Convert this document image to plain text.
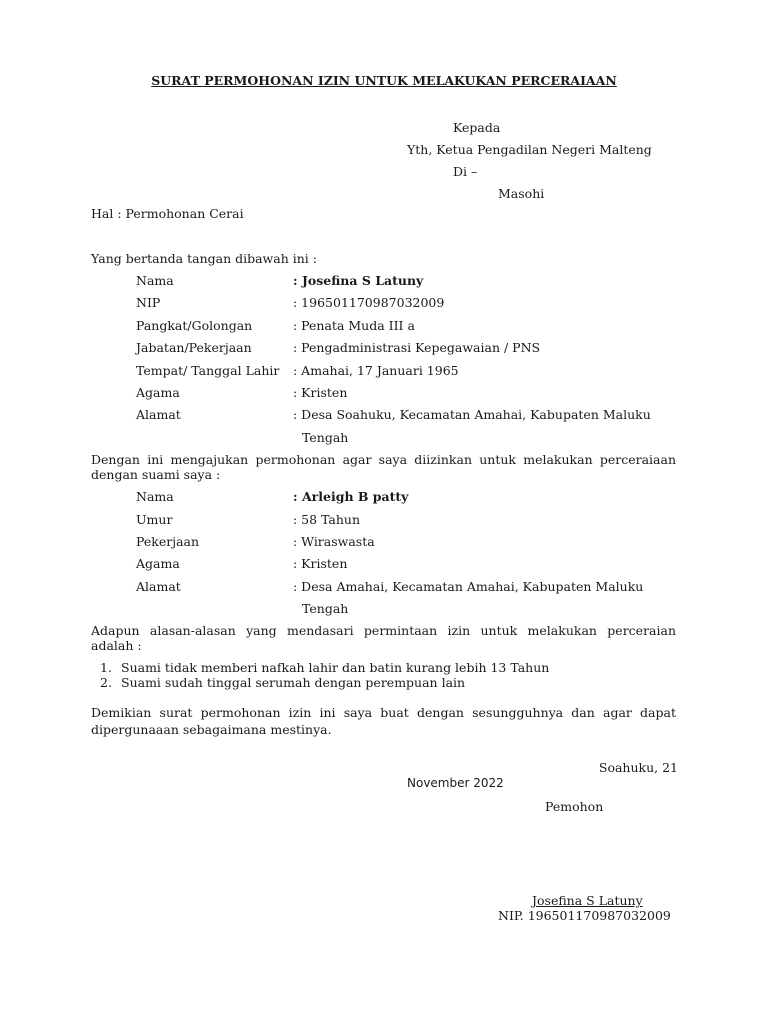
SURAT PERMOHONAN IZIN UNTUK MELAKUKAN PERCERAIAAN
Kepada
Yth, Ketua Pengadilan Negeri Malteng
Di –
Masohi
Hal : Permohonan Cerai
Yang bertanda tangan dibawah ini :
Nama	: Josefina S Latuny
NIP	: 196501170987032009
Pangkat/Golongan	: Penata Muda III a
Jabatan/Pekerjaan	: Pengadministrasi Kepegawaian / PNS
Tempat/ Tanggal Lahir : Amahai, 17 Januari 1965
Agama	: Kristen
Alamat	: Desa Soahuku, Kecamatan Amahai, Kabupaten Maluku
Tengah
Dengan ini mengajukan permohonan agar saya diizinkan untuk melakukan perceraiaan
dengan suami saya :
Nama	: Arleigh B patty
Umur	: 58 Tahun
Pekerjaan	: Wiraswasta
Agama	: Kristen
Alamat	: Desa Amahai, Kecamatan Amahai, Kabupaten Maluku
Tengah
Adapun alasan-alasan yang mendasari permintaan izin untuk melakukan perceraian
adalah :
1. Suami tidak memberi nafkah lahir dan batin kurang lebih 13 Tahun
2. Suami sudah tinggal serumah dengan perempuan lain
Demikian surat permohonan izin ini saya buat dengan sesungguhnya dan agar dapat
dipergunaaan sebagaimana mestinya.
Soahuku, 21
November 2022
Pemohon
Josefina S Latuny
NIP. 196501170987032009
